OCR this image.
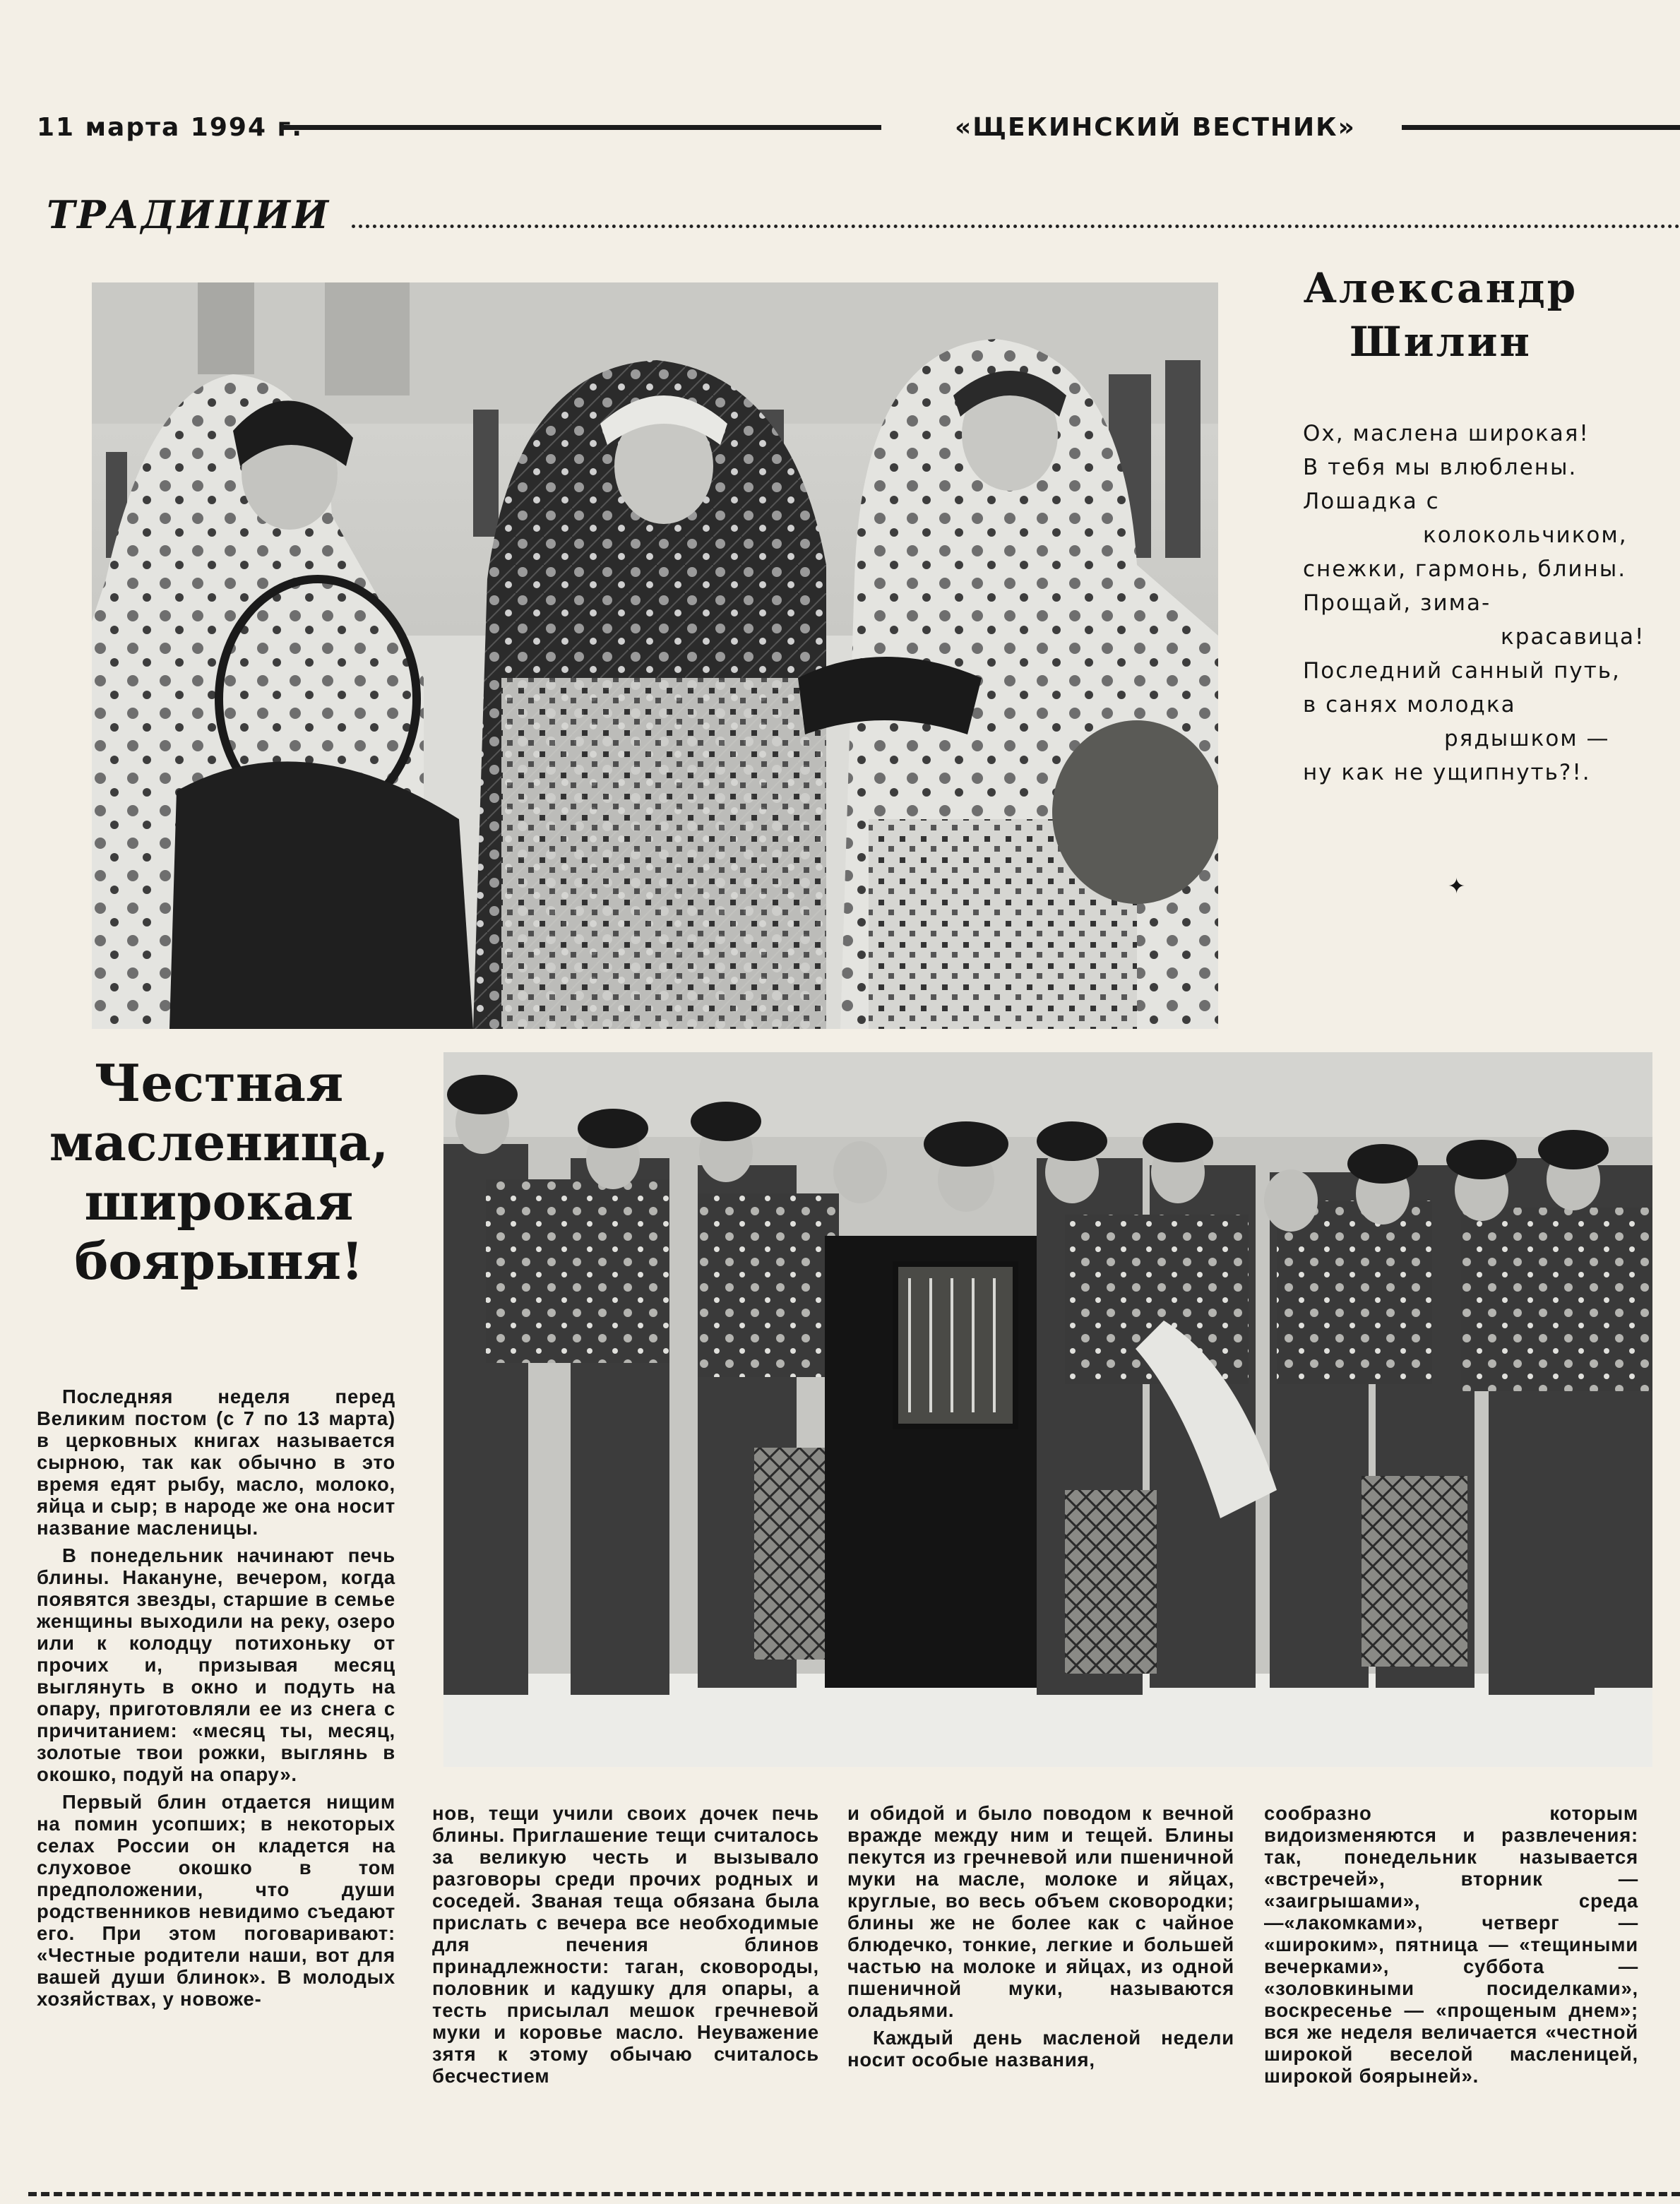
11 марта 1994 г.	«ЩЕКИНСКИЙ ВЕСТНИК»
ТРАДИЦИИ
Александр
Шилин
Ох, маслена широкая!
В тебя мы влюблены.
Лошадка с
колокольчиком,
снежки, гармонь, блины.
Прощай, зима-
красавица!
Последний санный путь,
в санях молодка
рядышком —
ну как не ущипнуть?!.
✦
Честная
масленица,
широкая
боярыня!

Последняя неделя перед Великим постом (с 7 по 13 марта) в церковных книгах называется сырною, так как обычно в это время едят рыбу, масло, молоко, яйца и сыр; в народе же она носит название масленицы.

В понедельник начинают печь блины. Накануне, вечером, когда появятся звезды, старшие в семье женщины выходили на реку, озеро или к колодцу потихоньку от прочих и, призывая месяц выглянуть в окно и подуть на опару, приготовляли ее из снега с причитанием: «месяц ты, месяц, золотые твои рожки, выглянь в окошко, подуй на опару».

Первый блин отдается нищим на помин усопших; в некоторых селах России он кладется на слуховое окошко в том предположении, что души родственников невидимо съедают его. При этом поговаривают: «Честные родители наши, вот для вашей души блинок». В молодых хозяйствах, у новоже-

нов, тещи учили своих дочек печь блины. Приглашение тещи считалось за великую честь и вызывало разговоры среди прочих родных и соседей. Званая теща обязана была прислать с вечера все необходимые для печения блинов принадлежности: таган, сковороды, половник и кадушку для опары, а тесть присылал мешок гречневой муки и коровье масло. Неуважение зятя к этому обычаю считалось бесчестием

и обидой и было поводом к вечной вражде между ним и тещей. Блины пекутся из гречневой или пшеничной муки на масле, молоке и яйцах, круглые, во весь объем сковородки; блины же не более как с чайное блюдечко, тонкие, легкие и большей частью на молоке и яйцах, из одной пшеничной муки, называются оладьями.

Каждый день масленой недели носит особые названия,

сообразно которым видоизменяются и развлечения: так, понедельник называется «встречей», вторник — «заигрышами», среда—«лакомками», четверг — «широким», пятница — «тещиными вечерками», суббота — «золовкиными посиделками», воскресенье — «прощеным днем»; вся же неделя величается «честной широкой веселой масленицей, широкой боярыней».
